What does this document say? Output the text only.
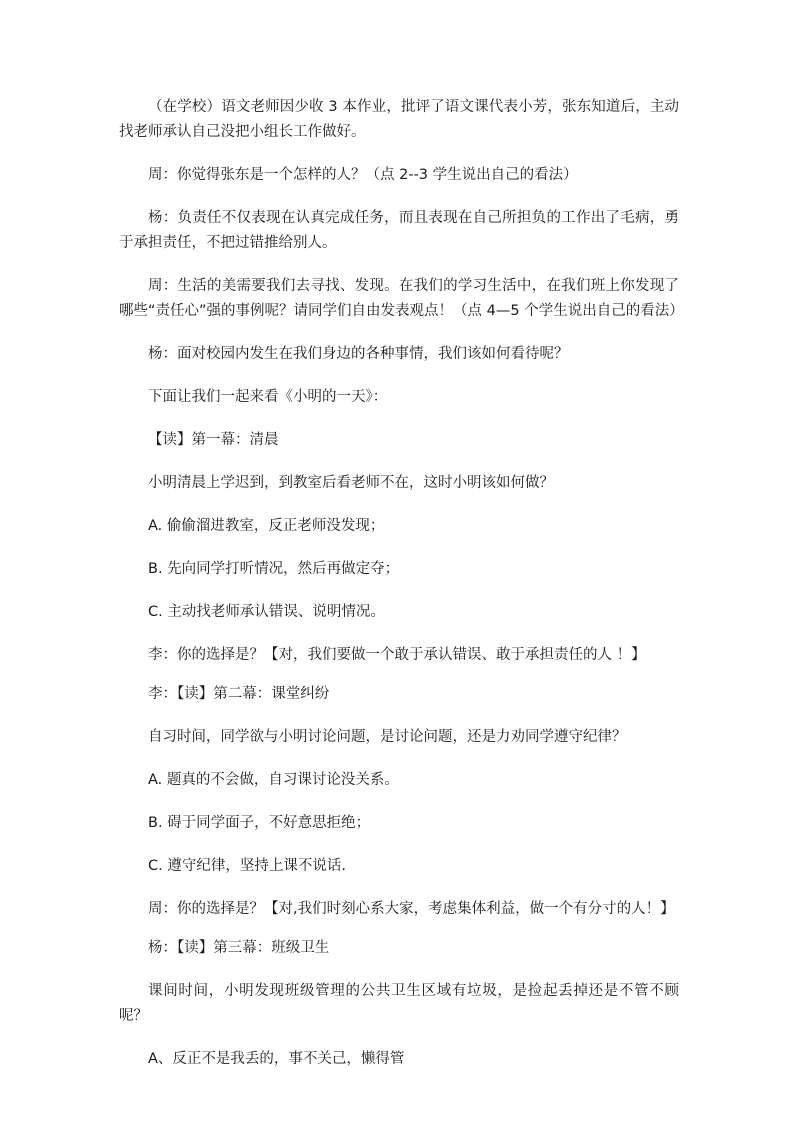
（在学校）语文老师因少收 3 本作业，批评了语文课代表小芳，张东知道后，主动找老师承认自己没把小组长工作做好。

周：你觉得张东是一个怎样的人？（点 2--3 学生说出自己的看法）

杨：负责任不仅表现在认真完成任务，而且表现在自己所担负的工作出了毛病，勇于承担责任，不把过错推给别人。

周：生活的美需要我们去寻找、发现。在我们的学习生活中，在我们班上你发现了哪些“责任心”强的事例呢？请同学们自由发表观点！（点 4—5 个学生说出自己的看法）

杨：面对校园内发生在我们身边的各种事情，我们该如何看待呢？

下面让我们一起来看《小明的一天》：

【读】第一幕：清晨

小明清晨上学迟到，到教室后看老师不在，这时小明该如何做？

A. 偷偷溜进教室，反正老师没发现；

B. 先向同学打听情况，然后再做定夺；

C. 主动找老师承认错误、说明情况。

李：你的选择是？【对，我们要做一个敢于承认错误、敢于承担责任的人 ！】

李：【读】第二幕：课堂纠纷

自习时间，同学欲与小明讨论问题，是讨论问题，还是力劝同学遵守纪律？

A. 题真的不会做，自习课讨论没关系。

B. 碍于同学面子，不好意思拒绝；

C. 遵守纪律，坚持上课不说话.

周：你的选择是？【对,我们时刻心系大家，考虑集体利益，做一个有分寸的人！】

杨：【读】第三幕：班级卫生

课间时间，小明发现班级管理的公共卫生区域有垃圾，是捡起丢掉还是不管不顾呢？

A、反正不是我丢的，事不关己，懒得管
